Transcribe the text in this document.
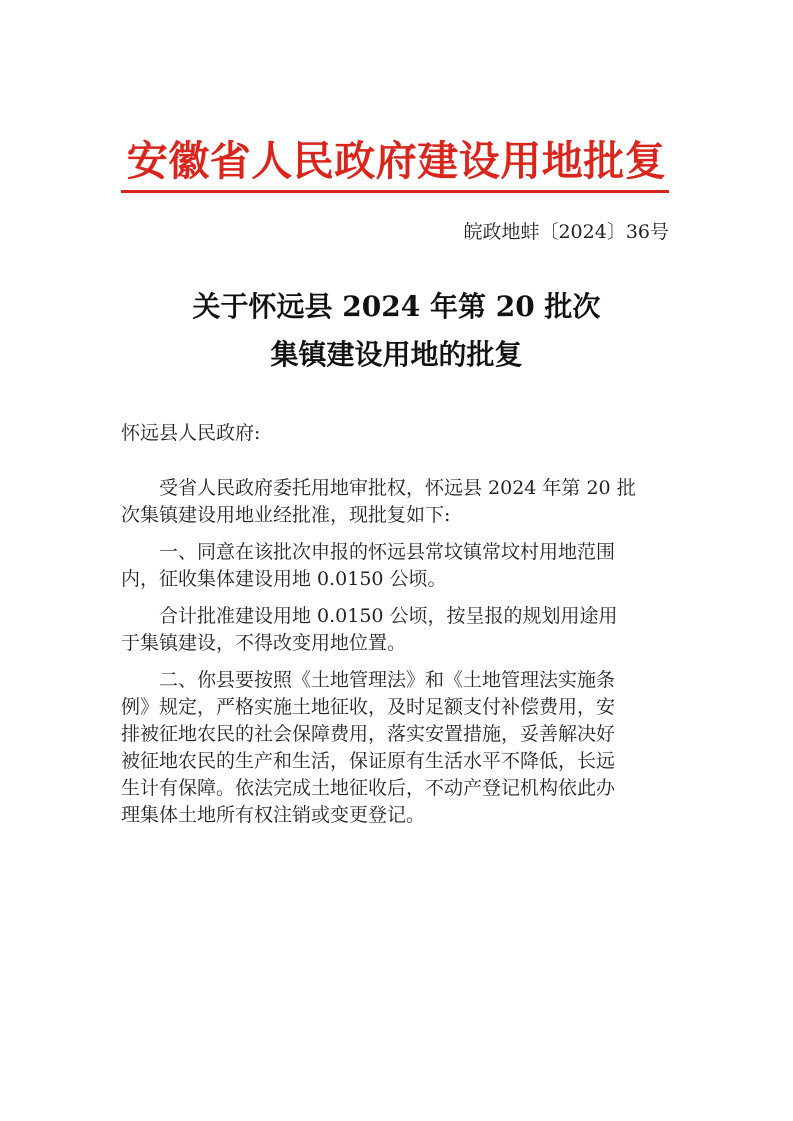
安徽省人民政府建设用地批复
皖政地蚌〔2024〕36号
关于怀远县 2024 年第 20 批次
集镇建设用地的批复

怀远县人民政府:

受省人民政府委托用地审批权，怀远县 2024 年第 20 批
次集镇建设用地业经批准，现批复如下:

一、同意在该批次申报的怀远县常坟镇常坟村用地范围
内，征收集体建设用地 0.0150 公顷。

合计批准建设用地 0.0150 公顷，按呈报的规划用途用
于集镇建设，不得改变用地位置。

二、你县要按照《土地管理法》和《土地管理法实施条
例》规定，严格实施土地征收，及时足额支付补偿费用，安
排被征地农民的社会保障费用，落实安置措施，妥善解决好
被征地农民的生产和生活，保证原有生活水平不降低，长远
生计有保障。依法完成土地征收后，不动产登记机构依此办
理集体土地所有权注销或变更登记。
